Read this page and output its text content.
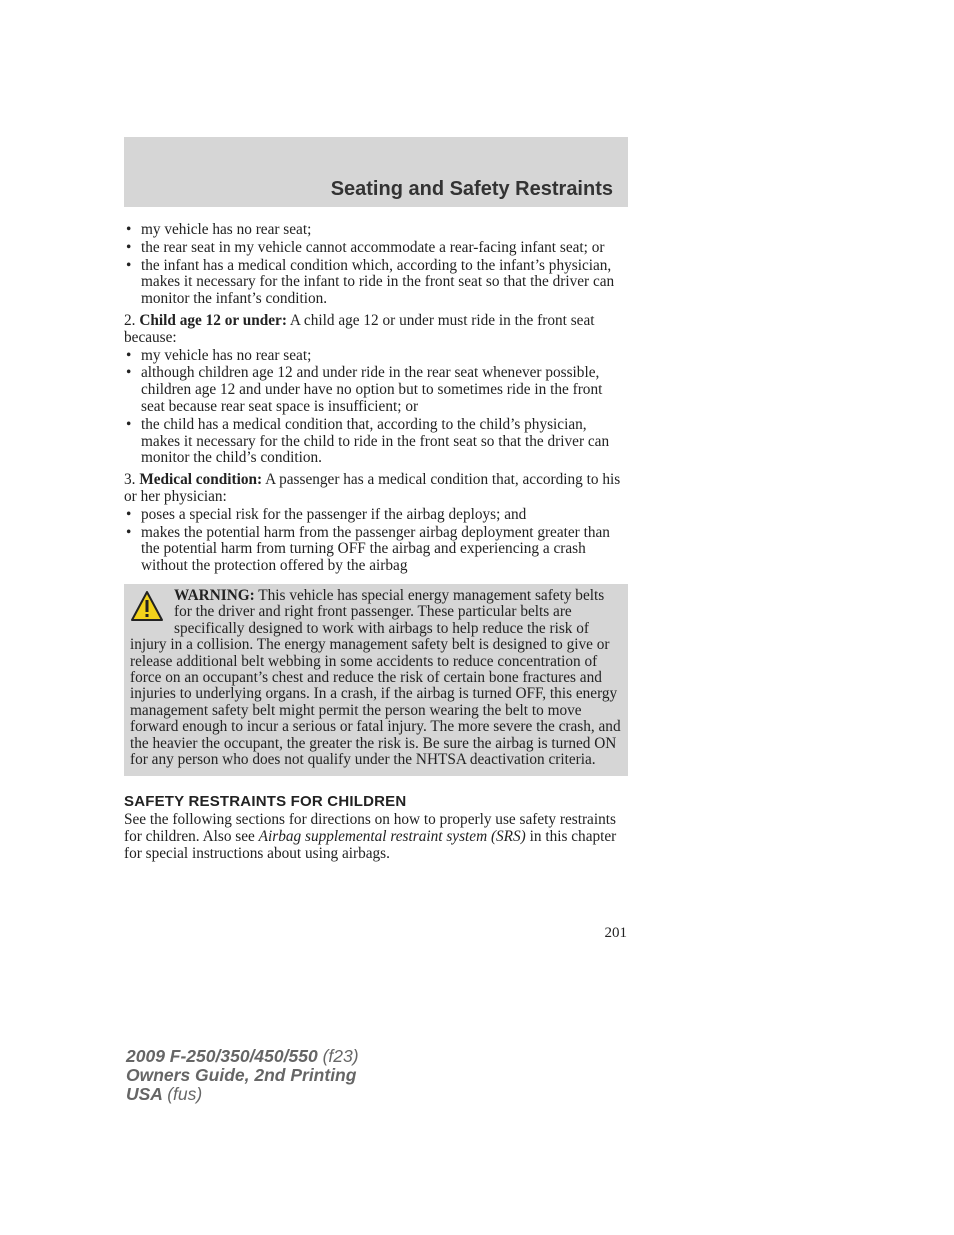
Seating and Safety Restraints
• my vehicle has no rear seat;
• the rear seat in my vehicle cannot accommodate a rear-facing infant seat; or
• the infant has a medical condition which, according to the infant’s physician, makes it necessary for the infant to ride in the front seat so that the driver can monitor the infant’s condition.

2. Child age 12 or under: A child age 12 or under must ride in the front seat because:

• my vehicle has no rear seat;
• although children age 12 and under ride in the rear seat whenever possible, children age 12 and under have no option but to sometimes ride in the front seat because rear seat space is insufficient; or
• the child has a medical condition that, according to the child’s physician, makes it necessary for the child to ride in the front seat so that the driver can monitor the child’s condition.

3. Medical condition: A passenger has a medical condition that, according to his or her physician:

• poses a special risk for the passenger if the airbag deploys; and
• makes the potential harm from the passenger airbag deployment greater than the potential harm from turning OFF the airbag and experiencing a crash without the protection offered by the airbag
WARNING: This vehicle has special energy management safety belts for the driver and right front passenger. These particular belts are specifically designed to work with airbags to help reduce the risk of injury in a collision. The energy management safety belt is designed to give or release additional belt webbing in some accidents to reduce concentration of force on an occupant’s chest and reduce the risk of certain bone fractures and injuries to underlying organs. In a crash, if the airbag is turned OFF, this energy management safety belt might permit the person wearing the belt to move forward enough to incur a serious or fatal injury. The more severe the crash, and the heavier the occupant, the greater the risk is. Be sure the airbag is turned ON for any person who does not qualify under the NHTSA deactivation criteria.
SAFETY RESTRAINTS FOR CHILDREN

See the following sections for directions on how to properly use safety restraints for children. Also see Airbag supplemental restraint system (SRS) in this chapter for special instructions about using airbags.

201
2009 F-250/350/450/550 (f23)
Owners Guide, 2nd Printing
USA (fus)
